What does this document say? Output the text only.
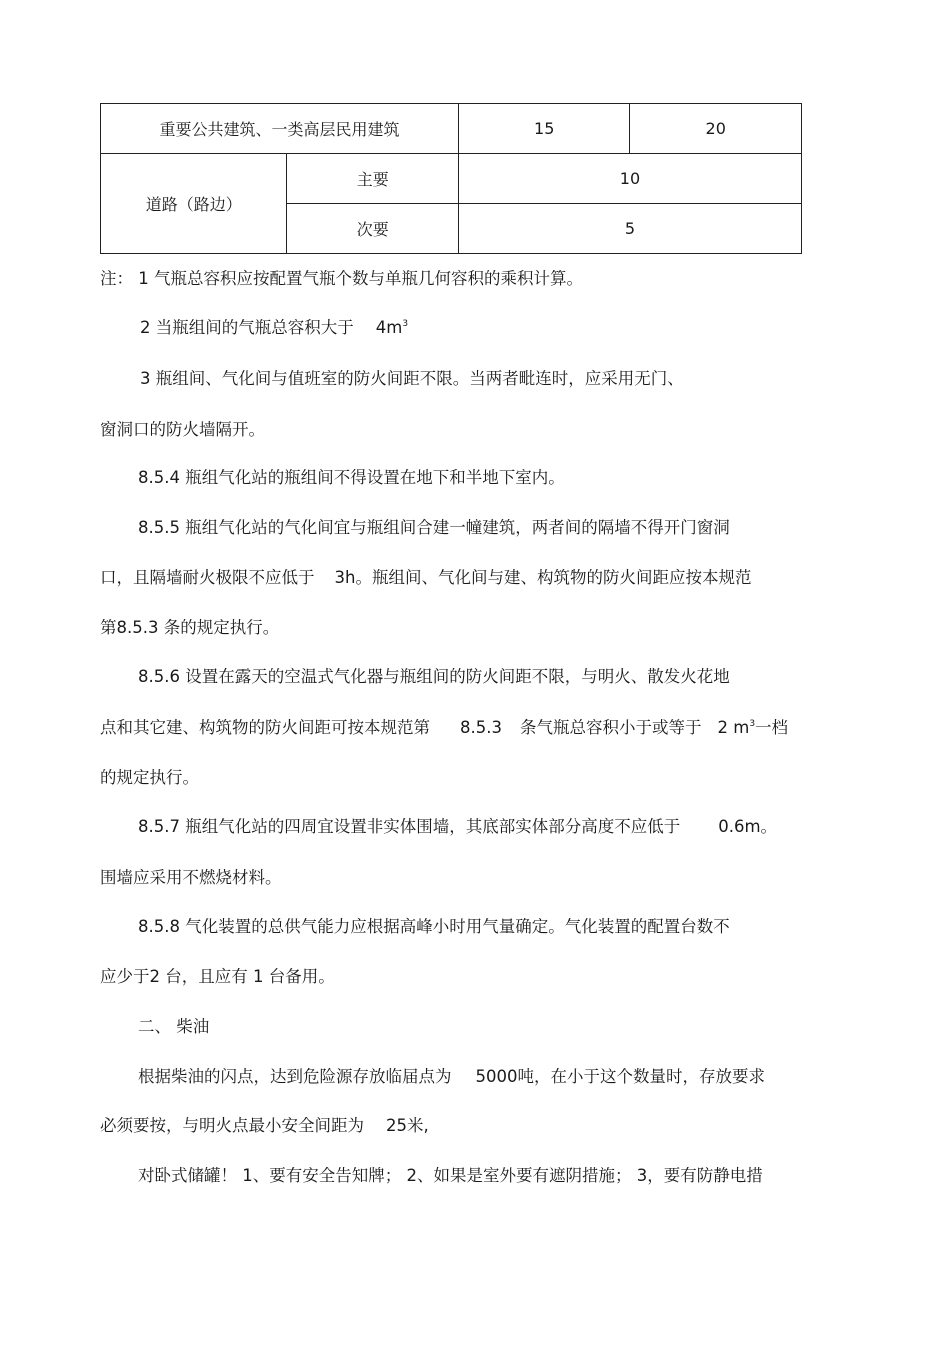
重要公共建筑、一类高层民用建筑		15	20
道路（路边）	主要	10	
	次要	5	
注： 1 气瓶总容积应按配置气瓶个数与单瓶几何容积的乘积计算。
2 当瓶组间的气瓶总容积大于 $4m^3$
3 瓶组间、气化间与值班室的防火间距不限。当两者毗连时，应采用无门、
窗洞口的防火墙隔开。
8.5.4 瓶组气化站的瓶组间不得设置在地下和半地下室内。
8.5.5 瓶组气化站的气化间宜与瓶组间合建一幢建筑，两者间的隔墙不得开门窗洞
口，且隔墙耐火极限不应低于 3h。瓶组间、气化间与建、构筑物的防火间距应按本规范
第8.5.3 条的规定执行。
8.5.6 设置在露天的空温式气化器与瓶组间的防火间距不限，与明火、散发火花地
点和其它建、构筑物的防火间距可按本规范第 8.5.3 条气瓶总容积小于或等于 2 $m^3$一档
的规定执行。
8.5.7 瓶组气化站的四周宜设置非实体围墙，其底部实体部分高度不应低于 0.6m。
围墙应采用不燃烧材料。
8.5.8 气化装置的总供气能力应根据高峰小时用气量确定。气化装置的配置台数不
应少于2 台，且应有 1 台备用。
二、 柴油
根据柴油的闪点，达到危险源存放临届点为 5000吨，在小于这个数量时，存放要求
必须要按，与明火点最小安全间距为 25米,
对卧式储罐！ 1、要有安全告知牌； 2、如果是室外要有遮阴措施； 3，要有防静电措
